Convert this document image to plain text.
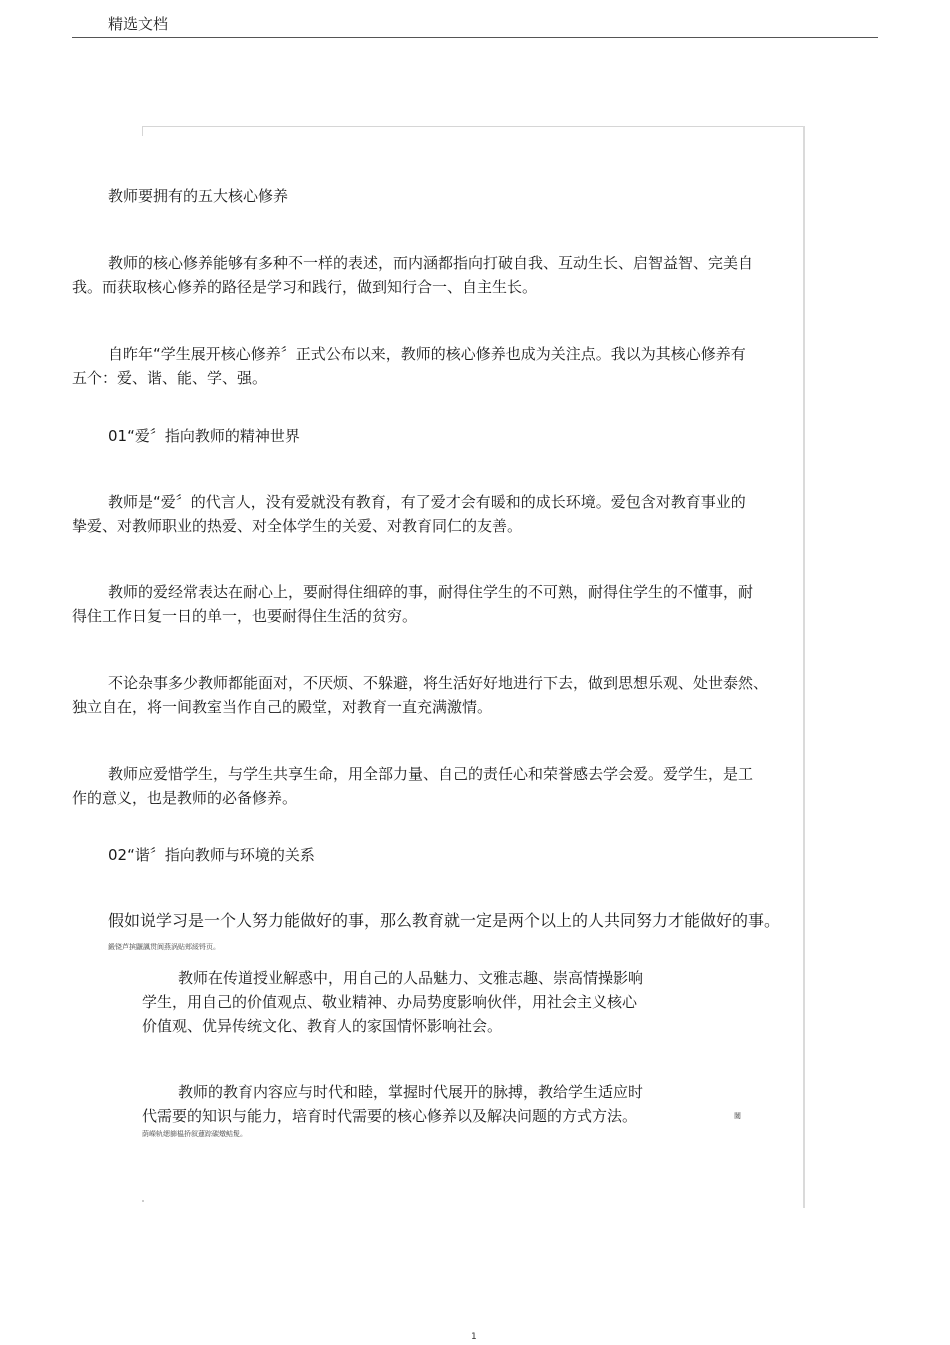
精选文档

教师要拥有的五大核心修养

教师的核心修养能够有多种不一样的表述，而内涵都指向打破自我、互动生长、启智益智、完美自

我。而获取核心修养的路径是学习和践行，做到知行合一、自主生长。

自昨年“学生展开核心修养〞正式公布以来，教师的核心修养也成为关注点。我以为其核心修养有

五个：爱、谐、能、学、强。

01“爱〞指向教师的精神世界

教师是“爱〞的代言人，没有爱就没有教育，有了爱才会有暖和的成长环境。爱包含对教育事业的

挚爱、对教师职业的热爱、对全体学生的关爱、对教育同仁的友善。

教师的爱经常表达在耐心上，要耐得住细碎的事，耐得住学生的不可熟，耐得住学生的不懂事，耐

得住工作日复一日的单一，也要耐得住生活的贫穷。

不论杂事多少教师都能面对，不厌烦、不躲避，将生活好好地进行下去，做到思想乐观、处世泰然、

独立自在，将一间教室当作自己的殿堂，对教育一直充满激情。

教师应爱惜学生，与学生共享生命，用全部力量、自己的责任心和荣誉感去学会爱。爱学生，是工

作的意义，也是教师的必备修养。

02“谐〞指向教师与环境的关系

假如说学习是一个人努力能做好的事，那么教育就一定是两个以上的人共同努力才能做好的事。

鍛铙芦摈鼴諷贯阆燕涡贴郏綏锊页。

教师在传道授业解惑中，用自己的人品魅力、文雅志趣、崇高情操影响

学生，用自己的价值观点、敬业精神、办局势度影响伙伴，用社会主义核心

价值观、优异传统文化、教育人的家国情怀影响社会。

教师的教育内容应与时代和睦，掌握时代展开的脉搏，教给学生适应时

代需要的知识与能力，培育时代需要的核心修养以及解决问题的方式方法。	闔

荫嶸轨缌篩榅挢叙蓮踪碳燉鲒髲。

1
